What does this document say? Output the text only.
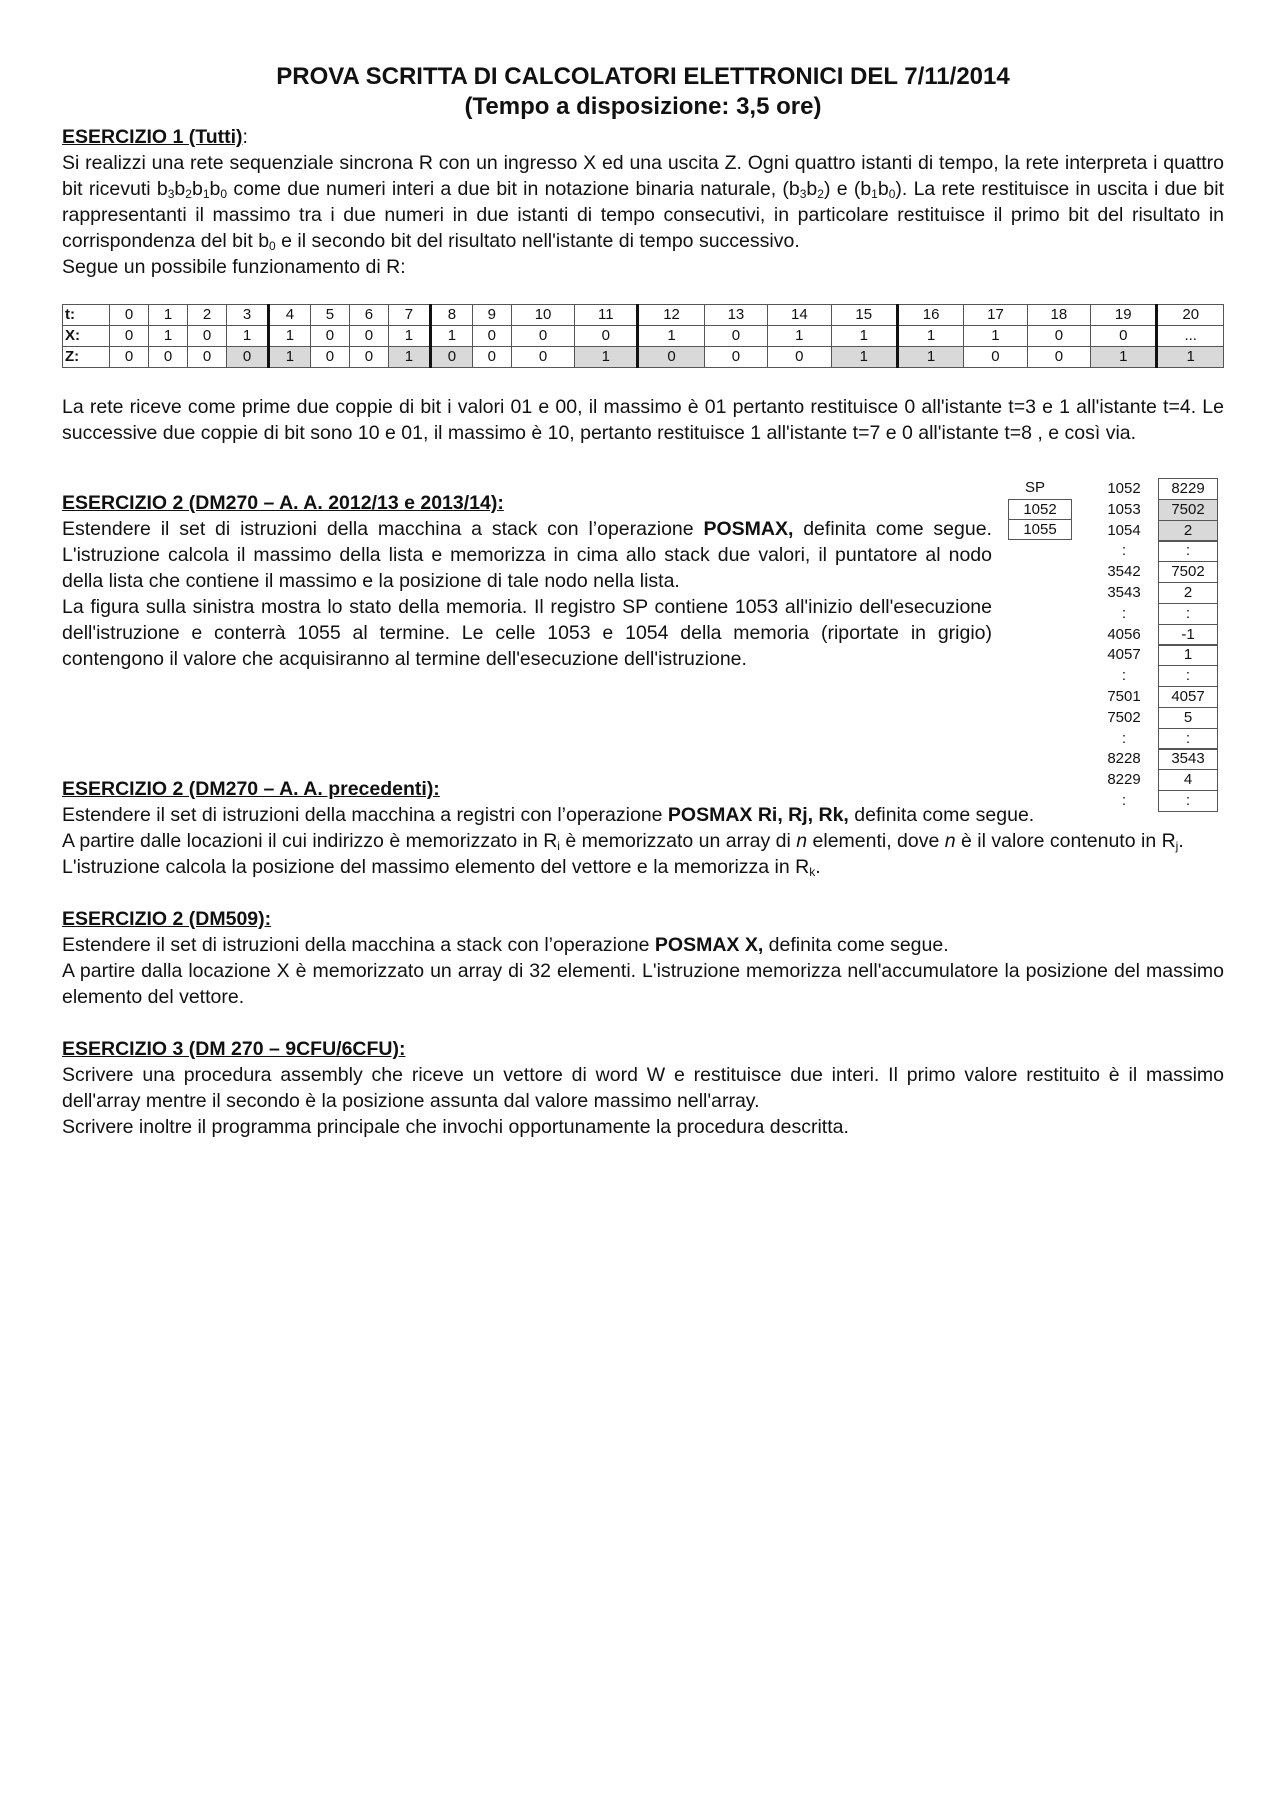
PROVA SCRITTA DI CALCOLATORI ELETTRONICI DEL 7/11/2014
(Tempo a disposizione: 3,5 ore)
ESERCIZIO 1 (Tutti):

Si realizzi una rete sequenziale sincrona R con un ingresso X ed una uscita Z. Ogni quattro istanti di tempo, la rete interpreta i quattro bit ricevuti $b_3b_2b_1b_0$ come due numeri interi a due bit in notazione binaria naturale, $(b_3b_2)$ e $(b_1b_0)$. La rete restituisce in uscita i due bit rappresentanti il massimo tra i due numeri in due istanti di tempo consecutivi, in particolare restituisce il primo bit del risultato in corrispondenza del bit $b_0$ e il secondo bit del risultato nell'istante di tempo successivo.

Segue un possibile funzionamento di R:

t:	0	1	2	3	4	5	6	7	8	9	10	11	12	13	14	15	16	17	18	19	20
X:	0	1	0	1	1	0	0	1	1	0	0	0	1	0	1	1	1	1	0	0	...
Z:	0	0	0	0	1	0	0	1	0	0	0	1	0	0	0	1	1	0	0	1	1

La rete riceve come prime due coppie di bit i valori 01 e 00, il massimo è 01 pertanto restituisce 0 all'istante t=3 e 1 all'istante t=4. Le successive due coppie di bit sono 10 e 01, il massimo è 10, pertanto restituisce 1 all'istante t=7 e 0 all'istante t=8 , e così via.

ESERCIZIO 2 (DM270 – A. A. 2012/13 e 2013/14):

Estendere il set di istruzioni della macchina a stack con l’operazione POSMAX, definita come segue. L'istruzione calcola il massimo della lista e memorizza in cima allo stack due valori, il puntatore al nodo della lista che contiene il massimo e la posizione di tale nodo nella lista.

La figura sulla sinistra mostra lo stato della memoria. Il registro SP contiene 1053 all'inizio dell'esecuzione dell'istruzione e conterrà 1055 al termine. Le celle 1053 e 1054 della memoria (riportate in grigio) contengono il valore che acquisiranno al termine dell'esecuzione dell'istruzione.

ESERCIZIO 2 (DM270 – A. A. precedenti):

Estendere il set di istruzioni della macchina a registri con l’operazione POSMAX Ri, Rj, Rk, definita come segue.

A partire dalle locazioni il cui indirizzo è memorizzato in $R_i$ è memorizzato un array di n elementi, dove n è il valore contenuto in $R_j$. L'istruzione calcola la posizione del massimo elemento del vettore e la memorizza in $R_k$.

ESERCIZIO 2 (DM509):

Estendere il set di istruzioni della macchina a stack con l’operazione POSMAX X, definita come segue.

A partire dalla locazione X è memorizzato un array di 32 elementi. L'istruzione memorizza nell'accumulatore la posizione del massimo elemento del vettore.

ESERCIZIO 3 (DM 270 – 9CFU/6CFU):

Scrivere una procedura assembly che riceve un vettore di word W e restituisce due interi. Il primo valore restituito è il massimo dell'array mentre il secondo è la posizione assunta dal valore massimo nell'array.

Scrivere inoltre il programma principale che invochi opportunamente la procedura descritta.

SP
1052
1055
1052	8229
1053	7502
1054	2
:	:
3542	7502
3543	2
:	:
4056	-1
4057	1
:	:
7501	4057
7502	5
:	:
8228	3543
8229	4
:	:
